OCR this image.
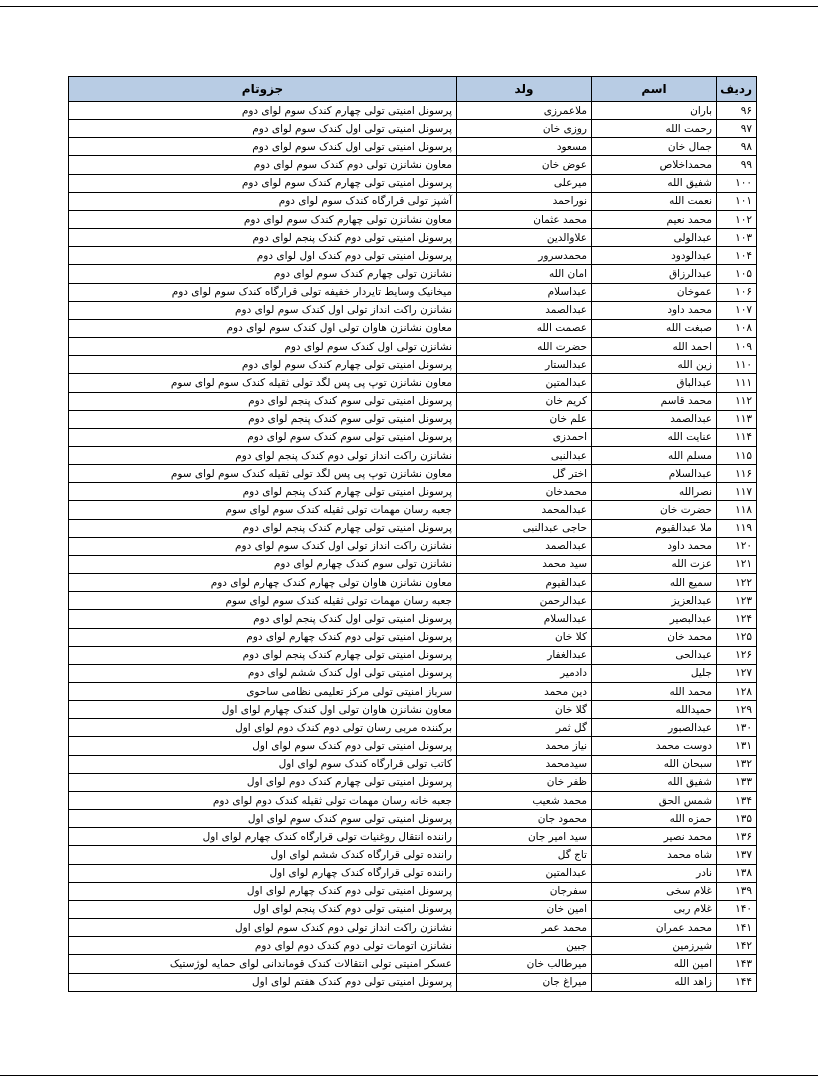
ردیف	اسم	ولد	جزوتام
۹۶	باران	ملاعمرزی	پرسونل امنیتی تولی چهارم کندک سوم لوای دوم
۹۷	رحمت الله	روزی خان	پرسونل امنیتی تولی اول کندک سوم لوای دوم
۹۸	جمال خان	مسعود	پرسونل امنیتی تولی اول کندک سوم لوای دوم
۹۹	محمداخلاص	عوض خان	معاون نشانزن تولی دوم کندک سوم لوای دوم
۱۰۰	شفیق الله	میرعلی	پرسونل امنیتی تولی چهارم کندک سوم لوای دوم
۱۰۱	نعمت الله	نوراحمد	آشپز تولی قرارگاه کندک سوم لوای دوم
۱۰۲	محمد نعیم	محمد عثمان	معاون نشانزن تولی چهارم کندک سوم لوای دوم
۱۰۳	عبدالولی	علاوالدین	پرسونل امنیتی تولی دوم کندک پنجم لوای دوم
۱۰۴	عبدالودود	محمدسرور	پرسونل امنیتی تولی دوم کندک اول لوای دوم
۱۰۵	عبدالرزاق	امان الله	نشانزن تولی چهارم کندک سوم لوای دوم
۱۰۶	عموخان	عبداسلام	میخانیک وسایط تایردار خفیفه تولی قرارگاه کندک سوم لوای دوم
۱۰۷	محمد داود	عبدالصمد	نشانزن راکت انداز تولی اول کندک سوم لوای دوم
۱۰۸	صبغت الله	عصمت الله	معاون نشانزن هاوان تولی اول کندک سوم لوای دوم
۱۰۹	احمد الله	حضرت الله	نشانزن تولی اول کندک سوم لوای دوم
۱۱۰	زین الله	عبدالستار	پرسونل امنیتی تولی چهارم کندک سوم لوای دوم
۱۱۱	عبدالباق	عبدالمتین	معاون نشانزن توپ پی پس لگد تولی ثقیله کندک سوم لوای سوم
۱۱۲	محمد قاسم	کریم خان	پرسونل امنیتی تولی سوم کندک پنجم لوای دوم
۱۱۳	عبدالصمد	علم خان	پرسونل امنیتی تولی سوم کندک پنجم لوای دوم
۱۱۴	عنایت الله	احمدزی	پرسونل امنیتی تولی سوم کندک سوم لوای دوم
۱۱۵	مسلم الله	عبدالنبی	نشانزن راکت انداز تولی دوم کندک پنجم لوای دوم
۱۱۶	عبدالسلام	اختر گل	معاون نشانزن توپ پی پس لگد تولی ثقیله کندک سوم لوای سوم
۱۱۷	نصرالله	محمدخان	پرسونل امنیتی تولی چهارم کندک پنجم لوای دوم
۱۱۸	حضرت خان	عبدالمحمد	جعبه رسان مهمات تولی ثقیله کندک سوم لوای سوم
۱۱۹	ملا عبدالقیوم	حاجی عبدالنبی	پرسونل امنیتی تولی چهارم کندک پنجم لوای دوم
۱۲۰	محمد داود	عبدالصمد	نشانزن راکت انداز تولی اول کندک سوم لوای دوم
۱۲۱	عزت الله	سید محمد	نشانزن تولی سوم کندک چهارم لوای دوم
۱۲۲	سمیع الله	عبدالقیوم	معاون نشانزن هاوان تولی چهارم کندک چهارم لوای دوم
۱۲۳	عبدالعزیز	عبدالرحمن	جعبه رسان مهمات تولی ثقیله کندک سوم لوای سوم
۱۲۴	عبدالبصیر	عبدالسلام	پرسونل امنیتی تولی اول کندک پنجم لوای دوم
۱۲۵	محمد خان	کلا خان	پرسونل امنیتی تولی دوم کندک چهارم لوای دوم
۱۲۶	عبدالحی	عبدالغفار	پرسونل امنیتی تولی چهارم کندک پنجم لوای دوم
۱۲۷	جلیل	دادمیر	پرسونل امنیتی تولی اول کندک ششم لوای دوم
۱۲۸	محمد الله	دین محمد	سرباز امنیتی تولی مرکز تعلیمی نظامی ساحوی
۱۲۹	حمیدالله	گلا خان	معاون نشانزن هاوان تولی اول کندک چهارم لوای اول
۱۳۰	عبدالصبور	گل ثمر	برکننده مربی رسان تولی دوم کندک دوم لوای اول
۱۳۱	دوست محمد	نیاز محمد	پرسونل امنیتی تولی دوم کندک سوم لوای اول
۱۳۲	سبحان الله	سیدمحمد	کاتب تولی قرارگاه کندک سوم لوای اول
۱۳۳	شفیق الله	ظفر خان	پرسونل امنیتی تولی چهارم کندک دوم لوای اول
۱۳۴	شمس الحق	محمد شعیب	جعبه خانه رسان مهمات تولی ثقیله کندک دوم لوای دوم
۱۳۵	حمزه الله	محمود جان	پرسونل امنیتی تولی سوم کندک سوم لوای اول
۱۳۶	محمد نصیر	سید امیر جان	راننده انتقال روغنیات تولی قرارگاه کندک چهارم لوای اول
۱۳۷	شاه محمد	تاج گل	راننده تولی قرارگاه کندک ششم لوای اول
۱۳۸	نادر	عبدالمتین	راننده تولی قرارگاه کندک چهارم لوای اول
۱۳۹	غلام سخی	سفرجان	پرسونل امنیتی تولی دوم کندک چهارم لوای اول
۱۴۰	غلام ربی	امین خان	پرسونل امنیتی تولی دوم کندک پنجم لوای اول
۱۴۱	محمد عمران	محمد عمر	نشانزن راکت انداز تولی دوم کندک سوم لوای اول
۱۴۲	شیرزمین	جبین	نشانزن اتومات تولی دوم کندک دوم لوای دوم
۱۴۳	امین الله	میرطالب خان	عسکر امنیتی تولی انتقالات کندک قوماندانی لوای حمایه لوژستیک
۱۴۴	زاهد الله	میراغ جان	پرسونل امنیتی تولی دوم کندک هفتم لوای اول
